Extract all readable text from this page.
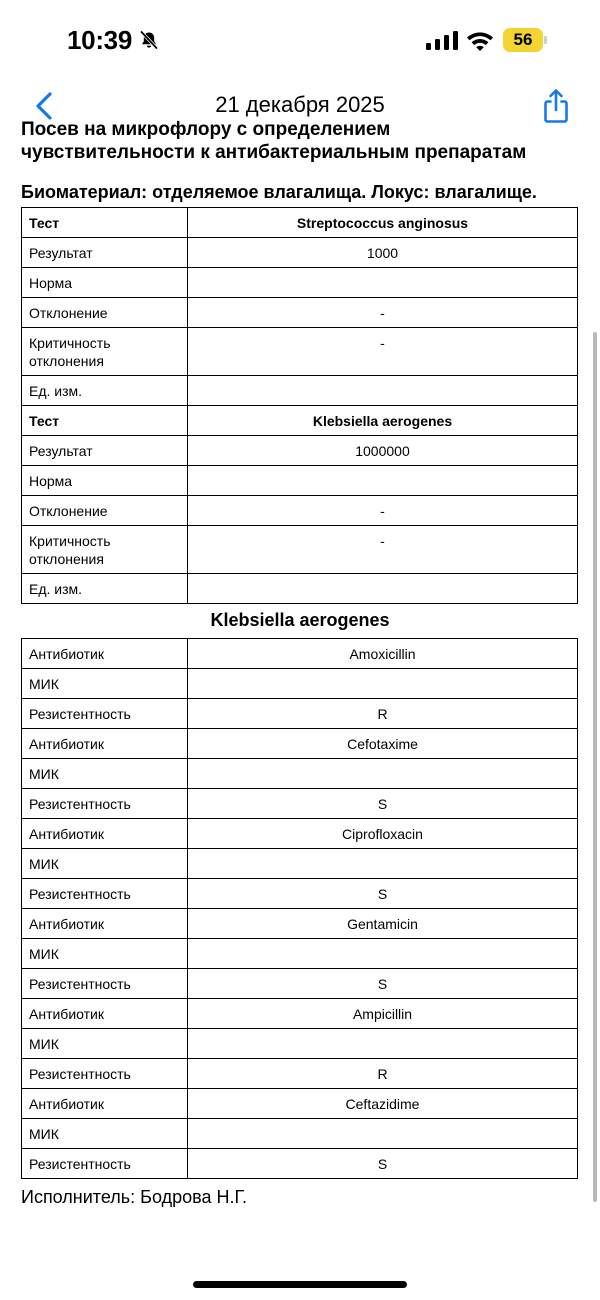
10:39	56
21 декабря 2025
Посев на микрофлору с определением
чувствительности к антибактериальным препаратам
Биоматериал: отделяемое влагалища. Локус: влагалище.
Тест	Streptococcus anginosus
Результат	1000
Норма	
Отклонение	-
Критичность отклонения	-
Ед. изм.	
Тест	Klebsiella aerogenes
Результат	1000000
Норма	
Отклонение	-
Критичность отклонения	-
Ед. изм.	
Klebsiella aerogenes
Антибиотик	Amoxicillin
МИК	
Резистентность	R
Антибиотик	Cefotaxime
МИК	
Резистентность	S
Антибиотик	Ciprofloxacin
МИК	
Резистентность	S
Антибиотик	Gentamicin
МИК	
Резистентность	S
Антибиотик	Ampicillin
МИК	
Резистентность	R
Антибиотик	Ceftazidime
МИК	
Резистентность	S
Исполнитель: Бодрова Н.Г.
